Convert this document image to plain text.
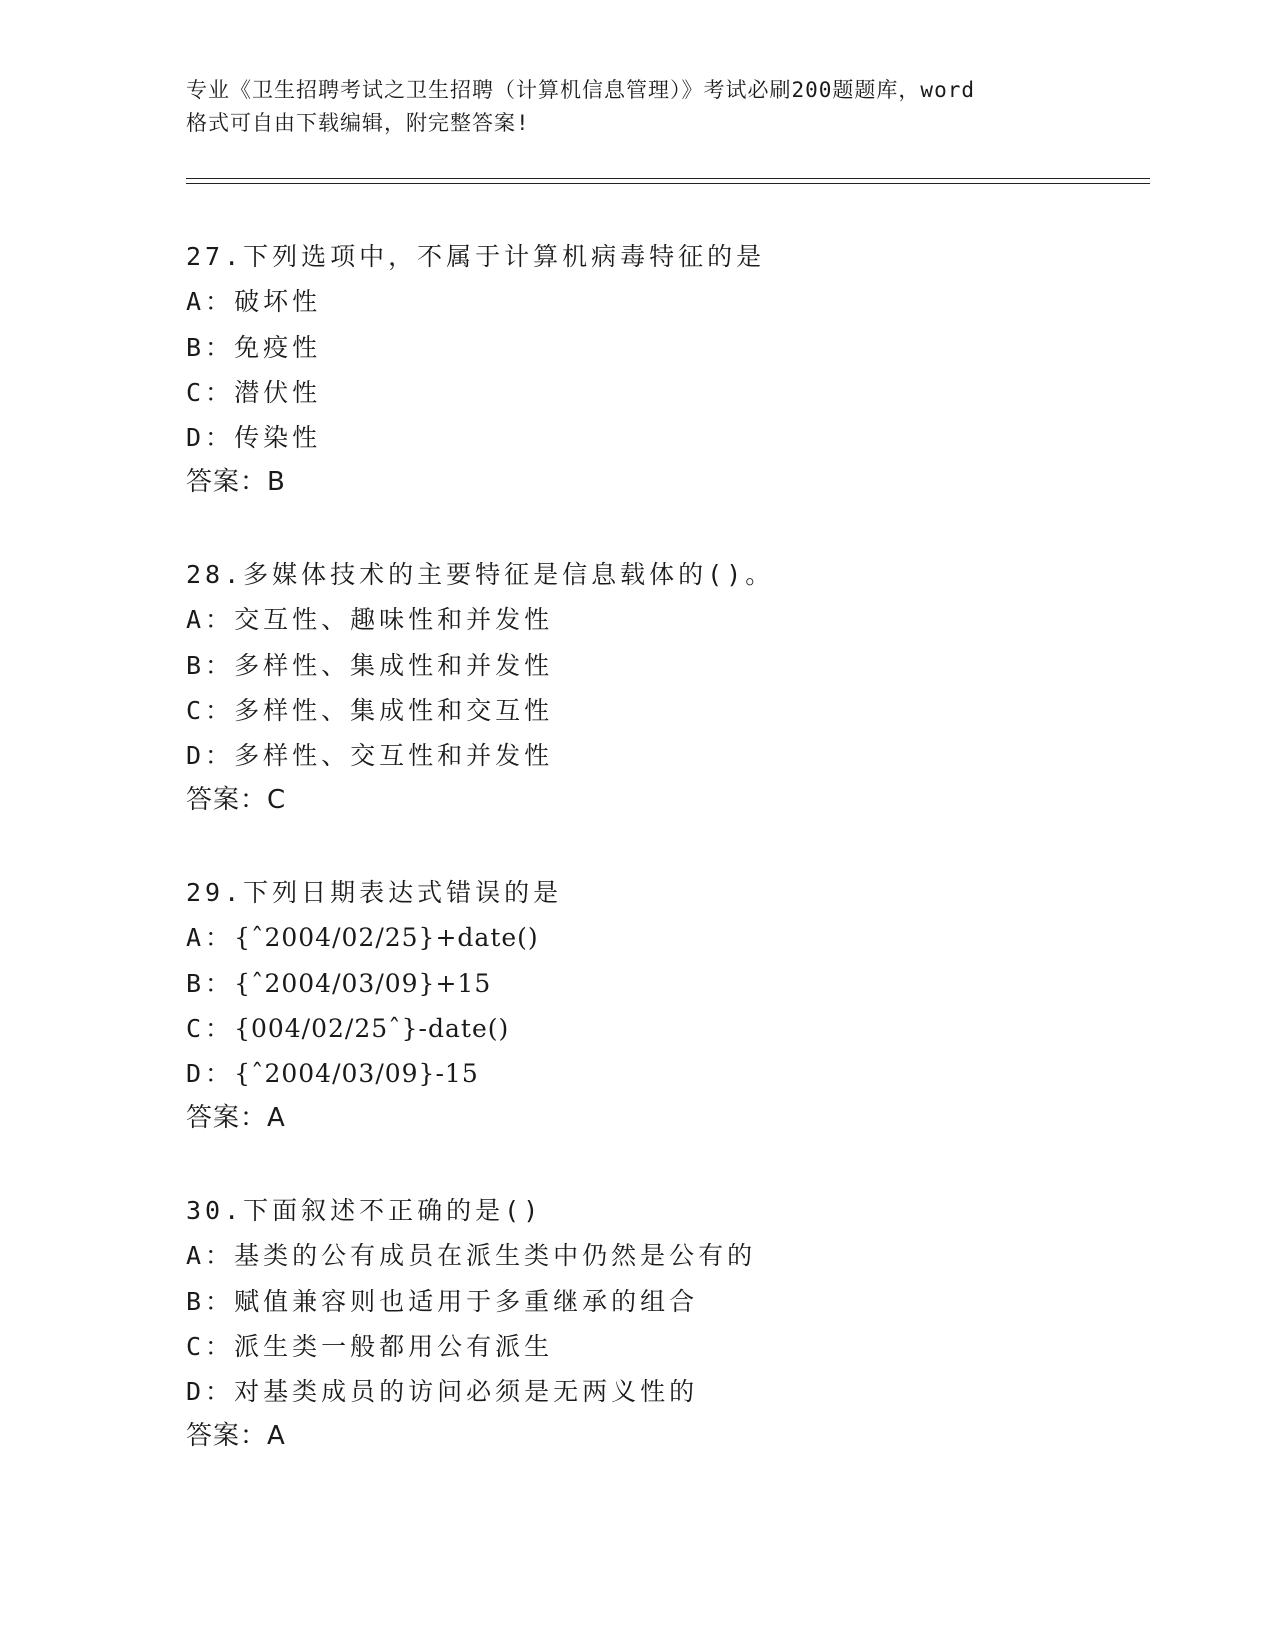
专业《卫生招聘考试之卫生招聘（计算机信息管理）》考试必刷200题题库，word
格式可自由下载编辑，附完整答案!
27.下列选项中，不属于计算机病毒特征的是
A：破坏性
B：免疫性
C：潜伏性
D：传染性
答案：B
28.多媒体技术的主要特征是信息载体的()。
A：交互性、趣味性和并发性
B：多样性、集成性和并发性
C：多样性、集成性和交互性
D：多样性、交互性和并发性
答案：C
29.下列日期表达式错误的是
A：{ˆ2004/02/25}+date()
B：{ˆ2004/03/09}+15
C：{004/02/25ˆ}-date()
D：{ˆ2004/03/09}-15
答案：A
30.下面叙述不正确的是()
A：基类的公有成员在派生类中仍然是公有的
B：赋值兼容则也适用于多重继承的组合
C：派生类一般都用公有派生
D：对基类成员的访问必须是无两义性的
答案：A
